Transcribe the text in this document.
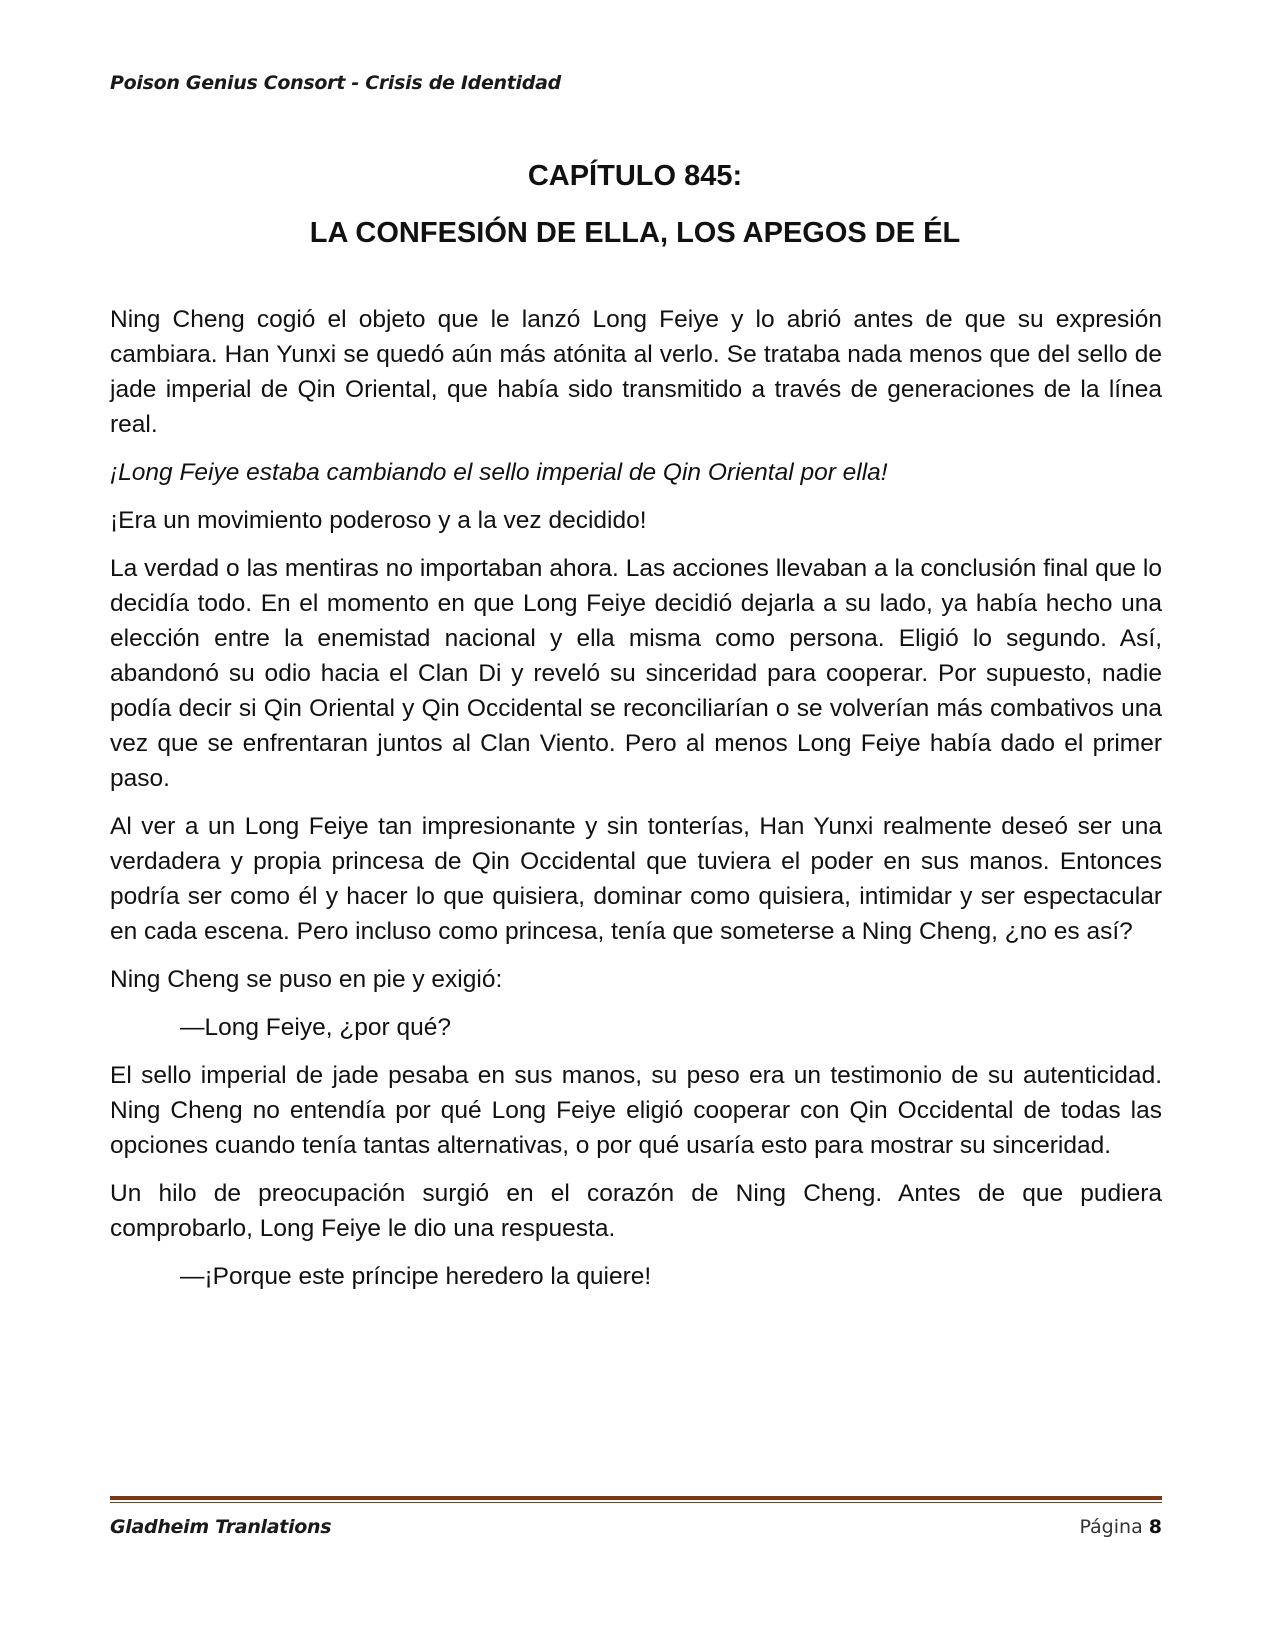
Poison Genius Consort - Crisis de Identidad
CAPÍTULO 845:
LA CONFESIÓN DE ELLA, LOS APEGOS DE ÉL

Ning Cheng cogió el objeto que le lanzó Long Feiye y lo abrió antes de que su expresión cambiara. Han Yunxi se quedó aún más atónita al verlo. Se trataba nada menos que del sello de jade imperial de Qin Oriental, que había sido transmitido a través de generaciones de la línea real.

¡Long Feiye estaba cambiando el sello imperial de Qin Oriental por ella!

¡Era un movimiento poderoso y a la vez decidido!

La verdad o las mentiras no importaban ahora. Las acciones llevaban a la conclusión final que lo decidía todo. En el momento en que Long Feiye decidió dejarla a su lado, ya había hecho una elección entre la enemistad nacional y ella misma como persona. Eligió lo segundo. Así, abandonó su odio hacia el Clan Di y reveló su sinceridad para cooperar. Por supuesto, nadie podía decir si Qin Oriental y Qin Occidental se reconciliarían o se volverían más combativos una vez que se enfrentaran juntos al Clan Viento. Pero al menos Long Feiye había dado el primer paso.

Al ver a un Long Feiye tan impresionante y sin tonterías, Han Yunxi realmente deseó ser una verdadera y propia princesa de Qin Occidental que tuviera el poder en sus manos. Entonces podría ser como él y hacer lo que quisiera, dominar como quisiera, intimidar y ser espectacular en cada escena. Pero incluso como princesa, tenía que someterse a Ning Cheng, ¿no es así?

Ning Cheng se puso en pie y exigió:

—Long Feiye, ¿por qué?

El sello imperial de jade pesaba en sus manos, su peso era un testimonio de su autenticidad. Ning Cheng no entendía por qué Long Feiye eligió cooperar con Qin Occidental de todas las opciones cuando tenía tantas alternativas, o por qué usaría esto para mostrar su sinceridad.

Un hilo de preocupación surgió en el corazón de Ning Cheng. Antes de que pudiera comprobarlo, Long Feiye le dio una respuesta.

—¡Porque este príncipe heredero la quiere!

Gladheim Tranlations	Página 8
